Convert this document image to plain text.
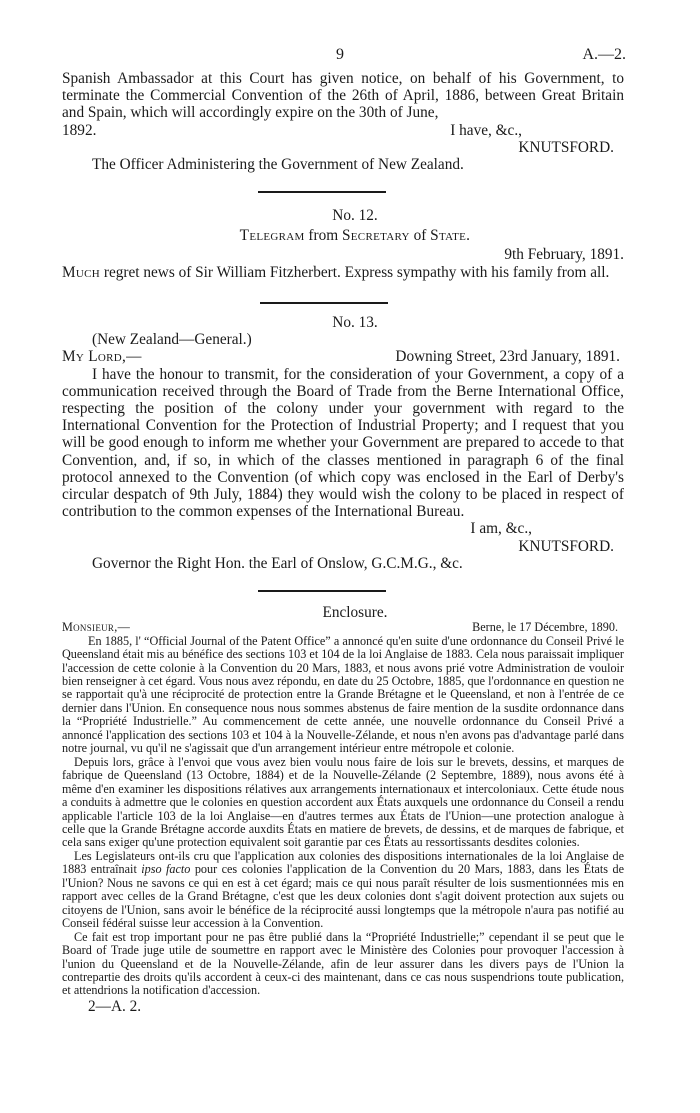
9	A.—2.

Spanish Ambassador at this Court has given notice, on behalf of his Government, to terminate the Commercial Convention of the 26th of April, 1886, between Great Britain and Spain, which will accordingly expire on the 30th of June,

1892.	I have, &c.,

KNUTSFORD.

The Officer Administering the Government of New Zealand.

No. 12.

Telegram from Secretary of State.

9th February, 1891.

Much regret news of Sir William Fitzherbert. Express sympathy with his family from all.

No. 13.

(New Zealand—General.)

My Lord,—	Downing Street, 23rd January, 1891.

I have the honour to transmit, for the consideration of your Government, a copy of a communication received through the Board of Trade from the Berne International Office, respecting the position of the colony under your government with regard to the International Convention for the Protection of Industrial Property; and I request that you will be good enough to inform me whether your Government are prepared to accede to that Convention, and, if so, in which of the classes mentioned in paragraph 6 of the final protocol annexed to the Convention (of which copy was enclosed in the Earl of Derby's circular despatch of 9th July, 1884) they would wish the colony to be placed in respect of contribution to the common expenses of the International Bureau.

I am, &c.,

KNUTSFORD.

Governor the Right Hon. the Earl of Onslow, G.C.M.G., &c.

Enclosure.

Monsieur,—	Berne, le 17 Décembre, 1890.

En 1885, l' “Official Journal of the Patent Office” a annoncé qu'en suite d'une ordonnance du Conseil Privé le Queensland était mis au bénéfice des sections 103 et 104 de la loi Anglaise de 1883. Cela nous paraissait impliquer l'accession de cette colonie à la Convention du 20 Mars, 1883, et nous avons prié votre Administration de vouloir bien renseigner à cet égard. Vous nous avez répondu, en date du 25 Octobre, 1885, que l'ordonnance en question ne se rapportait qu'à une réciprocité de protection entre la Grande Brétagne et le Queensland, et non à l'entrée de ce dernier dans l'Union. En consequence nous nous sommes abstenus de faire mention de la susdite ordonnance dans la “Propriété Industrielle.” Au commencement de cette année, une nouvelle ordonnance du Conseil Privé a annoncé l'application des sections 103 et 104 à la Nouvelle-Zélande, et nous n'en avons pas d'advantage parlé dans notre journal, vu qu'il ne s'agissait que d'un arrangement intérieur entre métropole et colonie.

Depuis lors, grâce à l'envoi que vous avez bien voulu nous faire de lois sur le brevets, dessins, et marques de fabrique de Queensland (13 Octobre, 1884) et de la Nouvelle-Zélande (2 Septembre, 1889), nous avons été à même d'en examiner les dispositions rélatives aux arrangements internationaux et intercoloniaux. Cette étude nous a conduits à admettre que le colonies en question accordent aux États auxquels une ordonnance du Conseil a rendu applicable l'article 103 de la loi Anglaise—en d'autres termes aux États de l'Union—une protection analogue à celle que la Grande Brétagne accorde auxdits États en matiere de brevets, de dessins, et de marques de fabrique, et cela sans exiger qu'une protection equivalent soit garantie par ces États au ressortissants desdites colonies.

Les Legislateurs ont-ils cru que l'application aux colonies des dispositions internationales de la loi Anglaise de 1883 entraînait ipso facto pour ces colonies l'application de la Convention du 20 Mars, 1883, dans les États de l'Union? Nous ne savons ce qui en est à cet égard; mais ce qui nous paraît résulter de lois susmentionnées mis en rapport avec celles de la Grand Brétagne, c'est que les deux colonies dont s'agit doivent protection aux sujets ou citoyens de l'Union, sans avoir le bénéfice de la réciprocité aussi longtemps que la métropole n'aura pas notifié au Conseil fédéral suisse leur accession à la Convention.

Ce fait est trop important pour ne pas être publié dans la “Propriété Industrielle;” cependant il se peut que le Board of Trade juge utile de soumettre en rapport avec le Ministère des Colonies pour provoquer l'accession à l'union du Queensland et de la Nouvelle-Zélande, afin de leur assurer dans les divers pays de l'Union la contrepartie des droits qu'ils accordent à ceux-ci des maintenant, dans ce cas nous suspendrions toute publication, et attendrions la notification d'accession.

2—A. 2.
